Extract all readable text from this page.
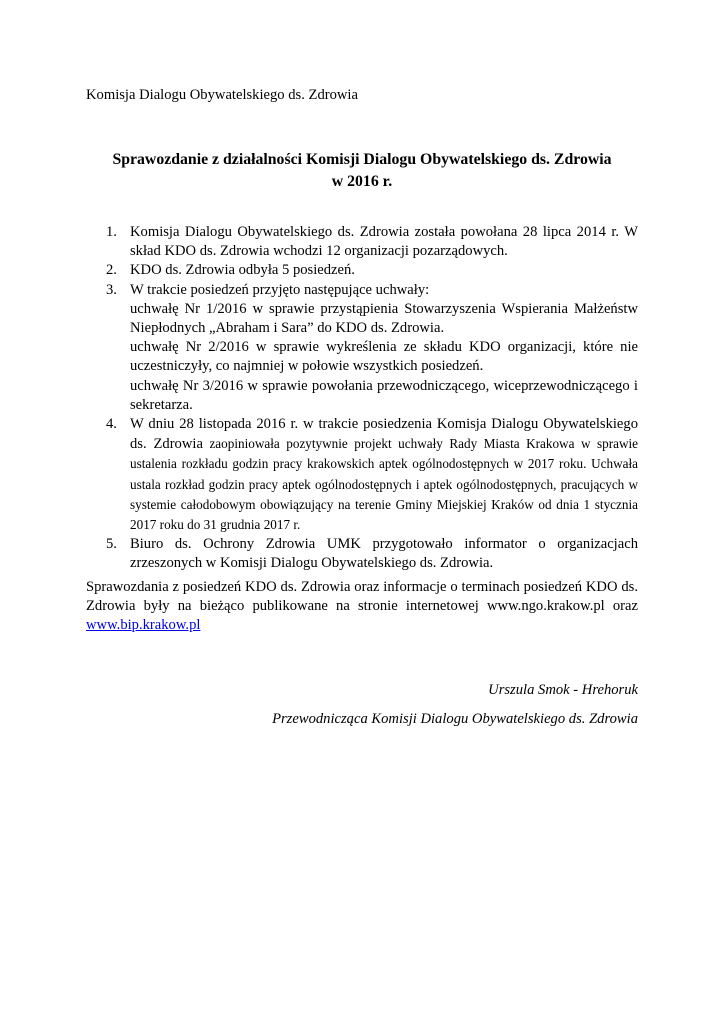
Komisja Dialogu Obywatelskiego ds. Zdrowia
Sprawozdanie z działalności Komisji Dialogu Obywatelskiego ds. Zdrowia
w 2016 r.
1. Komisja Dialogu Obywatelskiego ds. Zdrowia została powołana 28 lipca 2014 r. W skład KDO ds. Zdrowia wchodzi 12 organizacji pozarządowych.
2. KDO ds. Zdrowia odbyła 5 posiedzeń.
3. W trakcie posiedzeń przyjęto następujące uchwały:
uchwałę Nr 1/2016 w sprawie przystąpienia Stowarzyszenia Wspierania Małżeństw Niepłodnych „Abraham i Sara” do KDO ds. Zdrowia.
uchwałę Nr 2/2016 w sprawie wykreślenia ze składu KDO organizacji, które nie uczestniczyły, co najmniej w połowie wszystkich posiedzeń.
uchwałę Nr 3/2016 w sprawie powołania przewodniczącego, wiceprzewodniczącego i sekretarza.
4. W dniu 28 listopada 2016 r. w trakcie posiedzenia Komisja Dialogu Obywatelskiego ds. Zdrowia zaopiniowała pozytywnie projekt uchwały Rady Miasta Krakowa w sprawie ustalenia rozkładu godzin pracy krakowskich aptek ogólnodostępnych w 2017 roku. Uchwała ustala rozkład godzin pracy aptek ogólnodostępnych i aptek ogólnodostępnych, pracujących w systemie całodobowym obowiązujący na terenie Gminy Miejskiej Kraków od dnia 1 stycznia 2017 roku do 31 grudnia 2017 r.
5. Biuro ds. Ochrony Zdrowia UMK przygotowało informator o organizacjach zrzeszonych w Komisji Dialogu Obywatelskiego ds. Zdrowia.
Sprawozdania z posiedzeń KDO ds. Zdrowia oraz informacje o terminach posiedzeń KDO ds. Zdrowia były na bieżąco publikowane na stronie internetowej www.ngo.krakow.pl oraz www.bip.krakow.pl
Urszula Smok - Hrehoruk
Przewodnicząca Komisji Dialogu Obywatelskiego ds. Zdrowia
